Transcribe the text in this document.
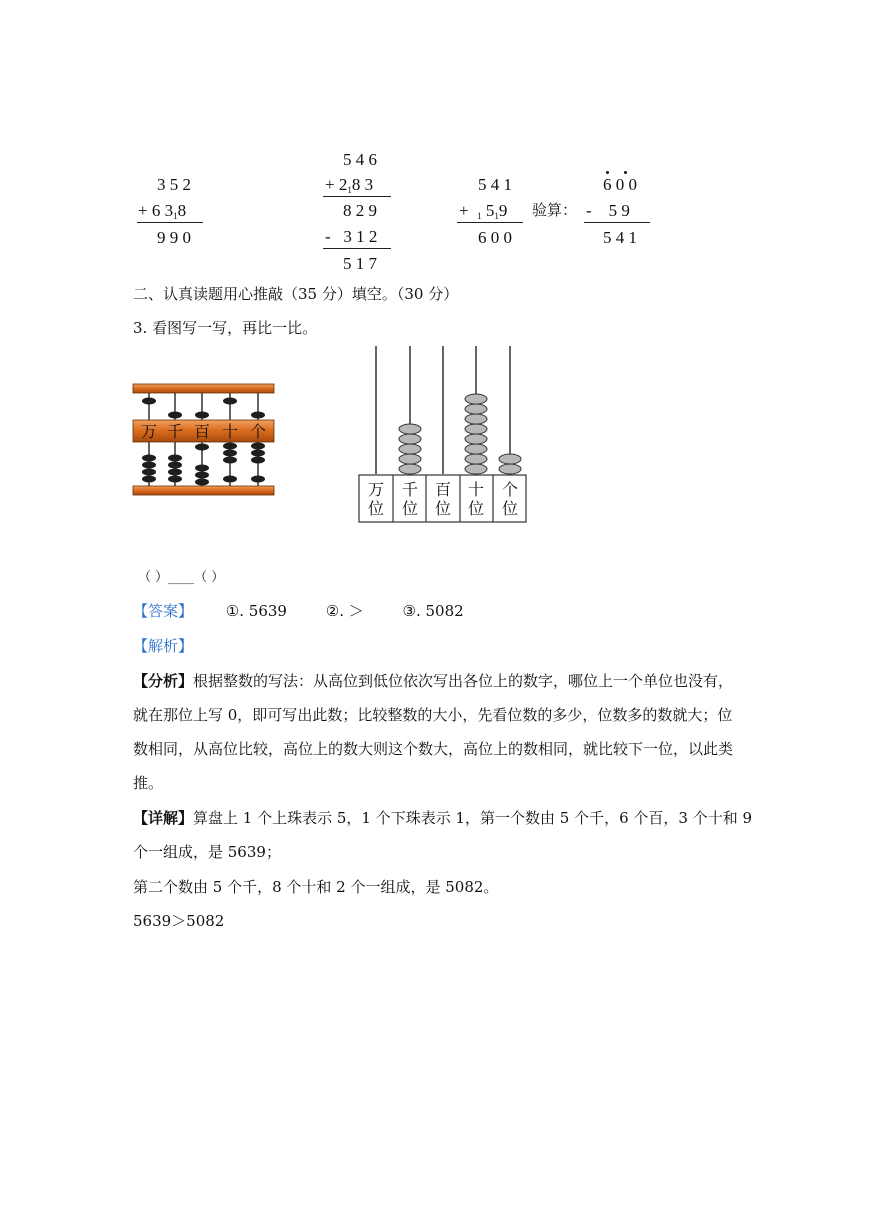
3 5 2
+ 6 318
9 9 0
5 4 6
+ 218 3
8 2 9
- 3 1 2
5 1 7
5 4 1
+ 1 519
6 0 0
验算：
6 0 0
- 5 9
5 4 1
二、认真读题用心推敲（35 分）填空。（30 分）
3. 看图写一写，再比一比。
万 千 百 十 个
万 千 百 十 个
位 位 位 位 位
（ ）____（ ）
【答案】 ①. 5639	②. ＞	③. 5082
【解析】
【分析】根据整数的写法：从高位到低位依次写出各位上的数字，哪位上一个单位也没有，
就在那位上写 0，即可写出此数；比较整数的大小，先看位数的多少，位数多的数就大；位
数相同，从高位比较，高位上的数大则这个数大，高位上的数相同，就比较下一位，以此类
推。
【详解】算盘上 1 个上珠表示 5，1 个下珠表示 1，第一个数由 5 个千，6 个百，3 个十和 9
个一组成，是 5639；
第二个数由 5 个千，8 个十和 2 个一组成，是 5082。
5639＞5082
